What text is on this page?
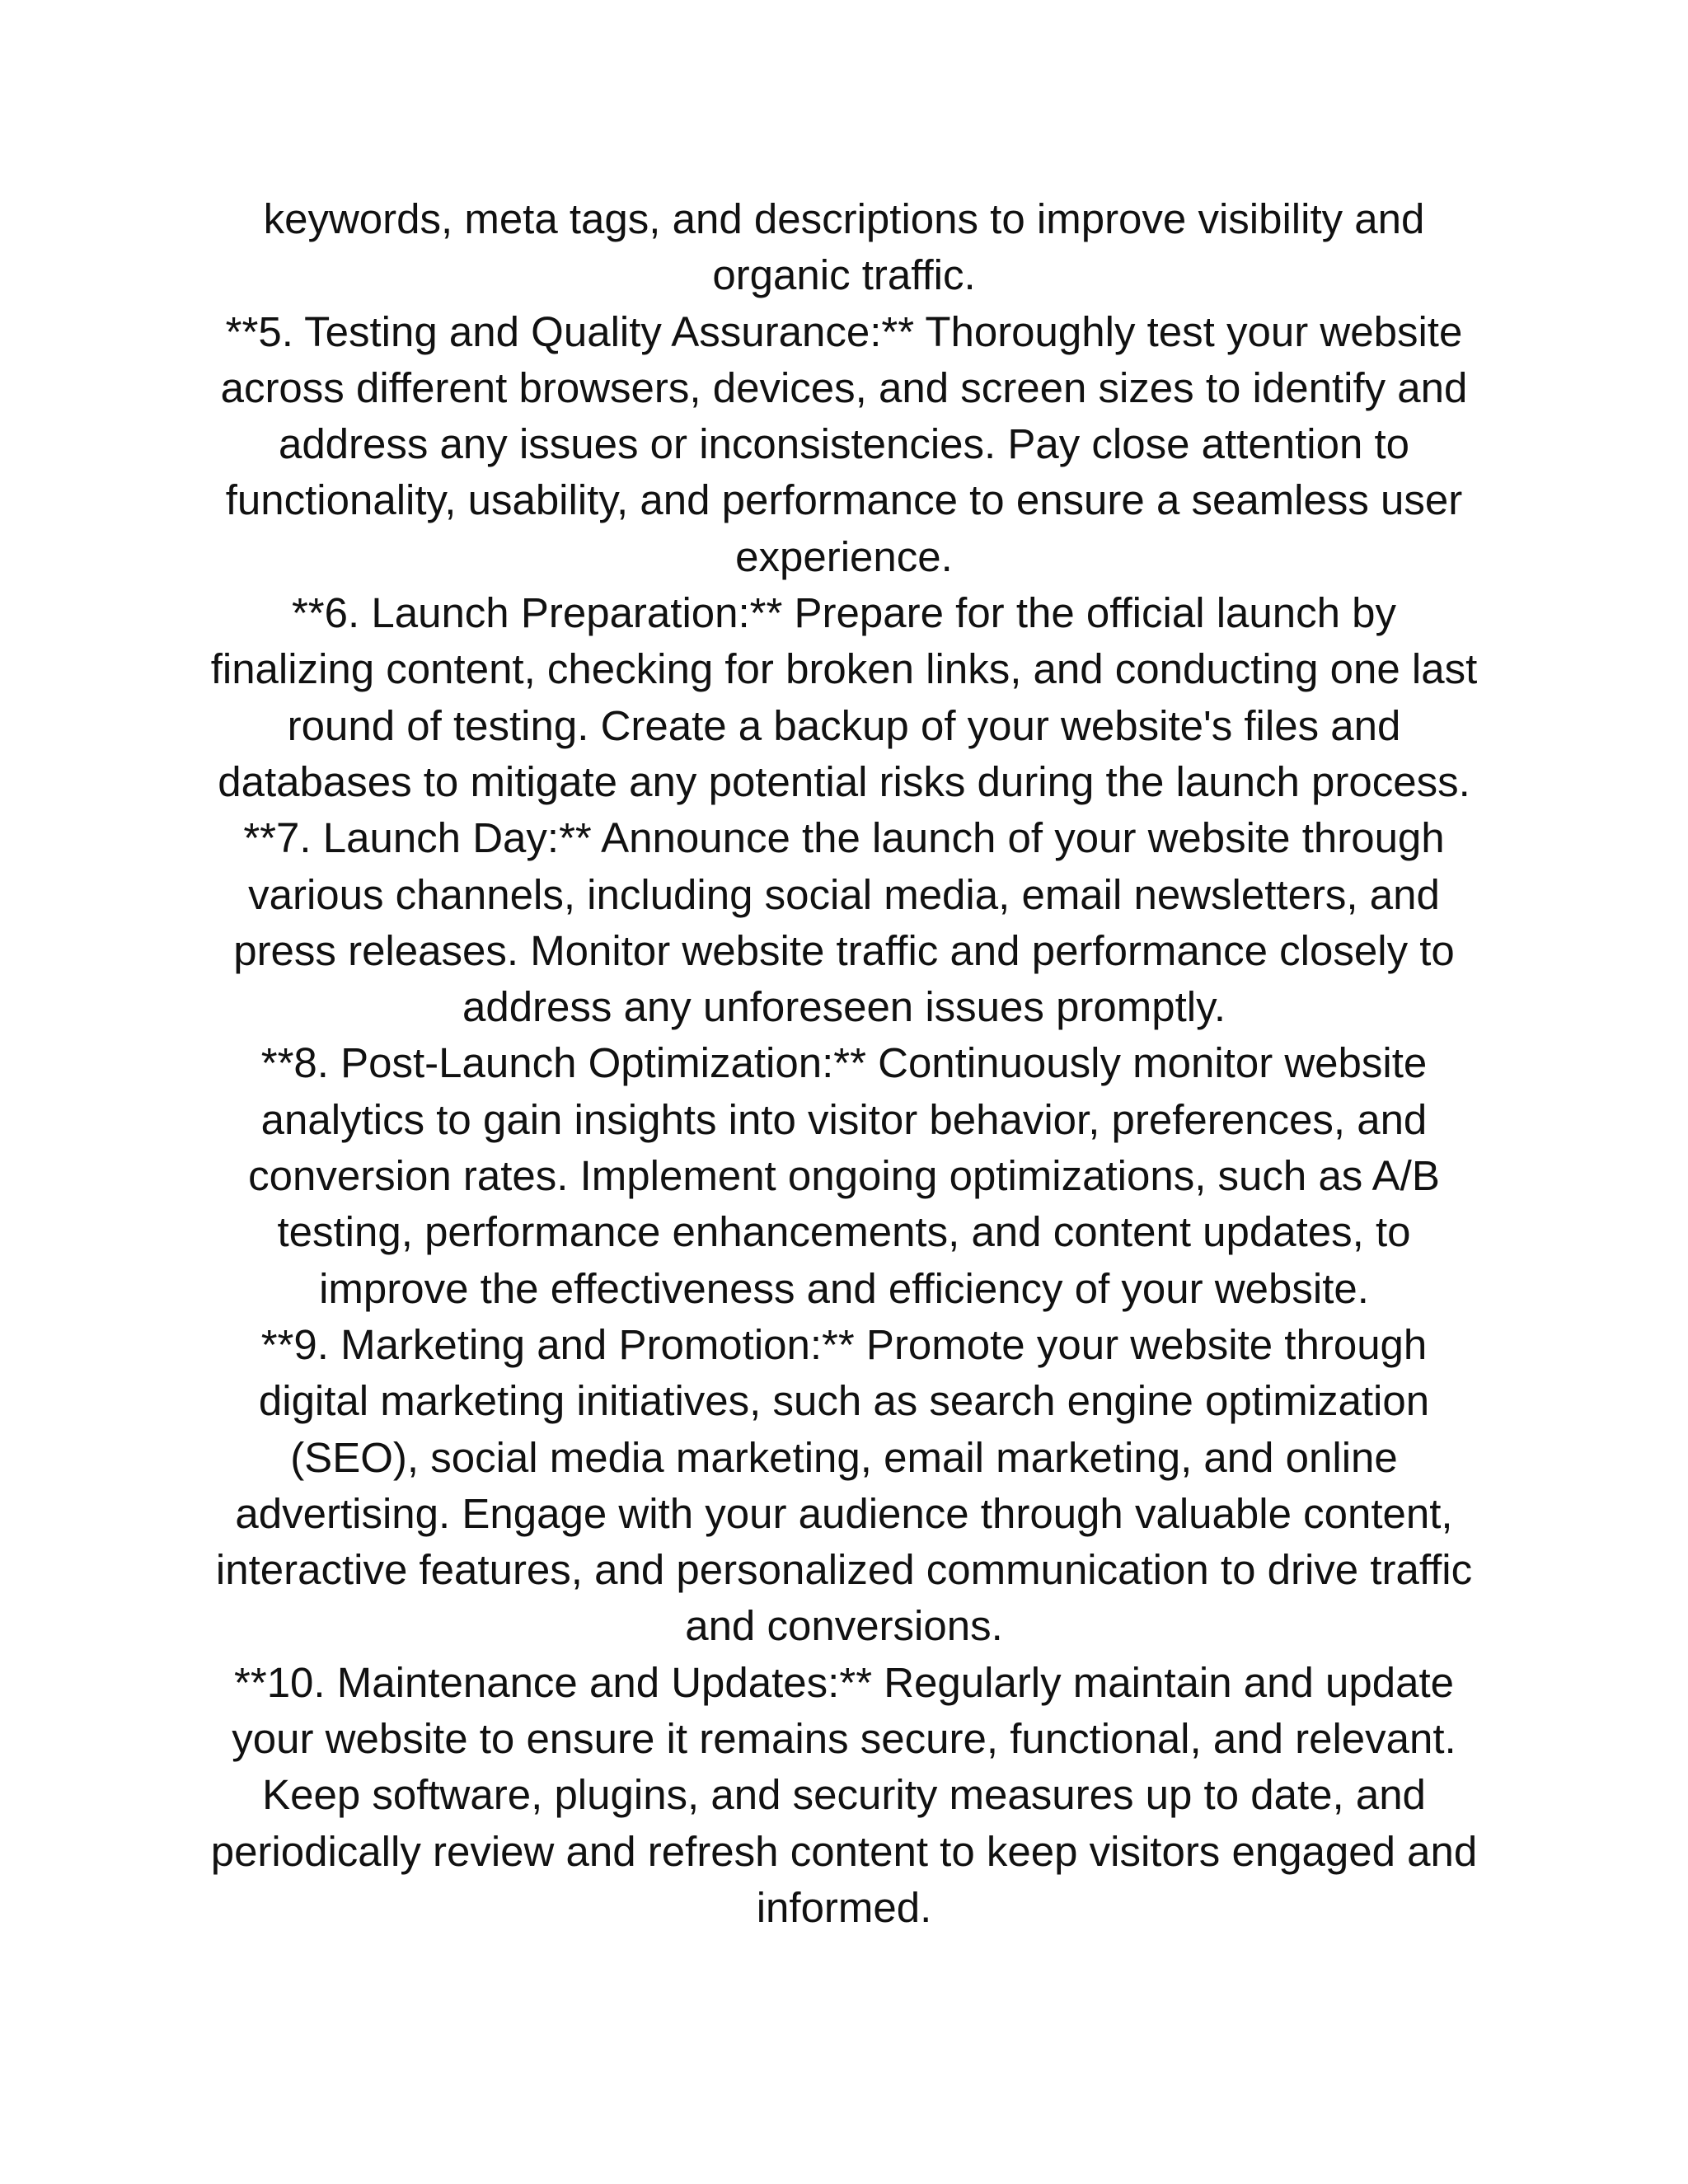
keywords, meta tags, and descriptions to improve visibility and
organic traffic.
**5. Testing and Quality Assurance:** Thoroughly test your website
across different browsers, devices, and screen sizes to identify and
address any issues or inconsistencies. Pay close attention to
functionality, usability, and performance to ensure a seamless user
experience.
**6. Launch Preparation:** Prepare for the official launch by
finalizing content, checking for broken links, and conducting one last
round of testing. Create a backup of your website's files and
databases to mitigate any potential risks during the launch process.
**7. Launch Day:** Announce the launch of your website through
various channels, including social media, email newsletters, and
press releases. Monitor website traffic and performance closely to
address any unforeseen issues promptly.
**8. Post-Launch Optimization:** Continuously monitor website
analytics to gain insights into visitor behavior, preferences, and
conversion rates. Implement ongoing optimizations, such as A/B
testing, performance enhancements, and content updates, to
improve the effectiveness and efficiency of your website.
**9. Marketing and Promotion:** Promote your website through
digital marketing initiatives, such as search engine optimization
(SEO), social media marketing, email marketing, and online
advertising. Engage with your audience through valuable content,
interactive features, and personalized communication to drive traffic
and conversions.
**10. Maintenance and Updates:** Regularly maintain and update
your website to ensure it remains secure, functional, and relevant.
Keep software, plugins, and security measures up to date, and
periodically review and refresh content to keep visitors engaged and
informed.
